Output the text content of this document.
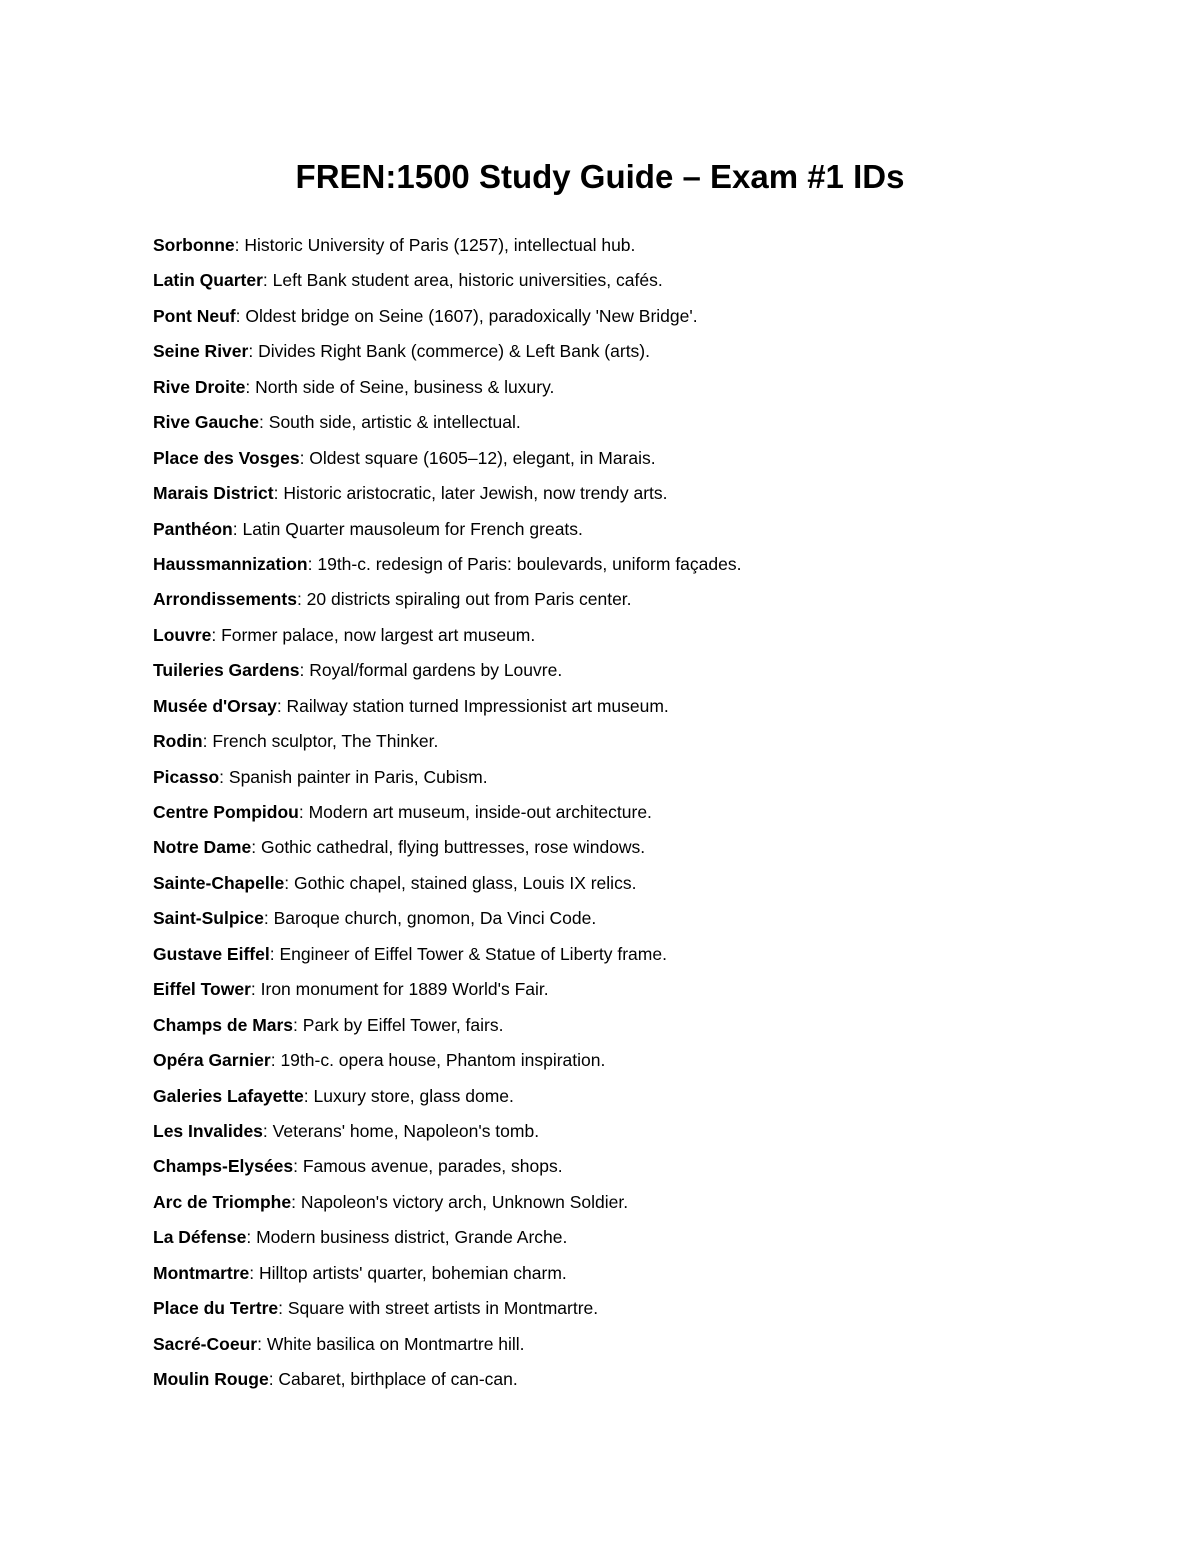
FREN:1500 Study Guide – Exam #1 IDs
Sorbonne: Historic University of Paris (1257), intellectual hub.
Latin Quarter: Left Bank student area, historic universities, cafés.
Pont Neuf: Oldest bridge on Seine (1607), paradoxically 'New Bridge'.
Seine River: Divides Right Bank (commerce) & Left Bank (arts).
Rive Droite: North side of Seine, business & luxury.
Rive Gauche: South side, artistic & intellectual.
Place des Vosges: Oldest square (1605–12), elegant, in Marais.
Marais District: Historic aristocratic, later Jewish, now trendy arts.
Panthéon: Latin Quarter mausoleum for French greats.
Haussmannization: 19th-c. redesign of Paris: boulevards, uniform façades.
Arrondissements: 20 districts spiraling out from Paris center.
Louvre: Former palace, now largest art museum.
Tuileries Gardens: Royal/formal gardens by Louvre.
Musée d'Orsay: Railway station turned Impressionist art museum.
Rodin: French sculptor, The Thinker.
Picasso: Spanish painter in Paris, Cubism.
Centre Pompidou: Modern art museum, inside-out architecture.
Notre Dame: Gothic cathedral, flying buttresses, rose windows.
Sainte-Chapelle: Gothic chapel, stained glass, Louis IX relics.
Saint-Sulpice: Baroque church, gnomon, Da Vinci Code.
Gustave Eiffel: Engineer of Eiffel Tower & Statue of Liberty frame.
Eiffel Tower: Iron monument for 1889 World's Fair.
Champs de Mars: Park by Eiffel Tower, fairs.
Opéra Garnier: 19th-c. opera house, Phantom inspiration.
Galeries Lafayette: Luxury store, glass dome.
Les Invalides: Veterans' home, Napoleon's tomb.
Champs-Elysées: Famous avenue, parades, shops.
Arc de Triomphe: Napoleon's victory arch, Unknown Soldier.
La Défense: Modern business district, Grande Arche.
Montmartre: Hilltop artists' quarter, bohemian charm.
Place du Tertre: Square with street artists in Montmartre.
Sacré-Coeur: White basilica on Montmartre hill.
Moulin Rouge: Cabaret, birthplace of can-can.
